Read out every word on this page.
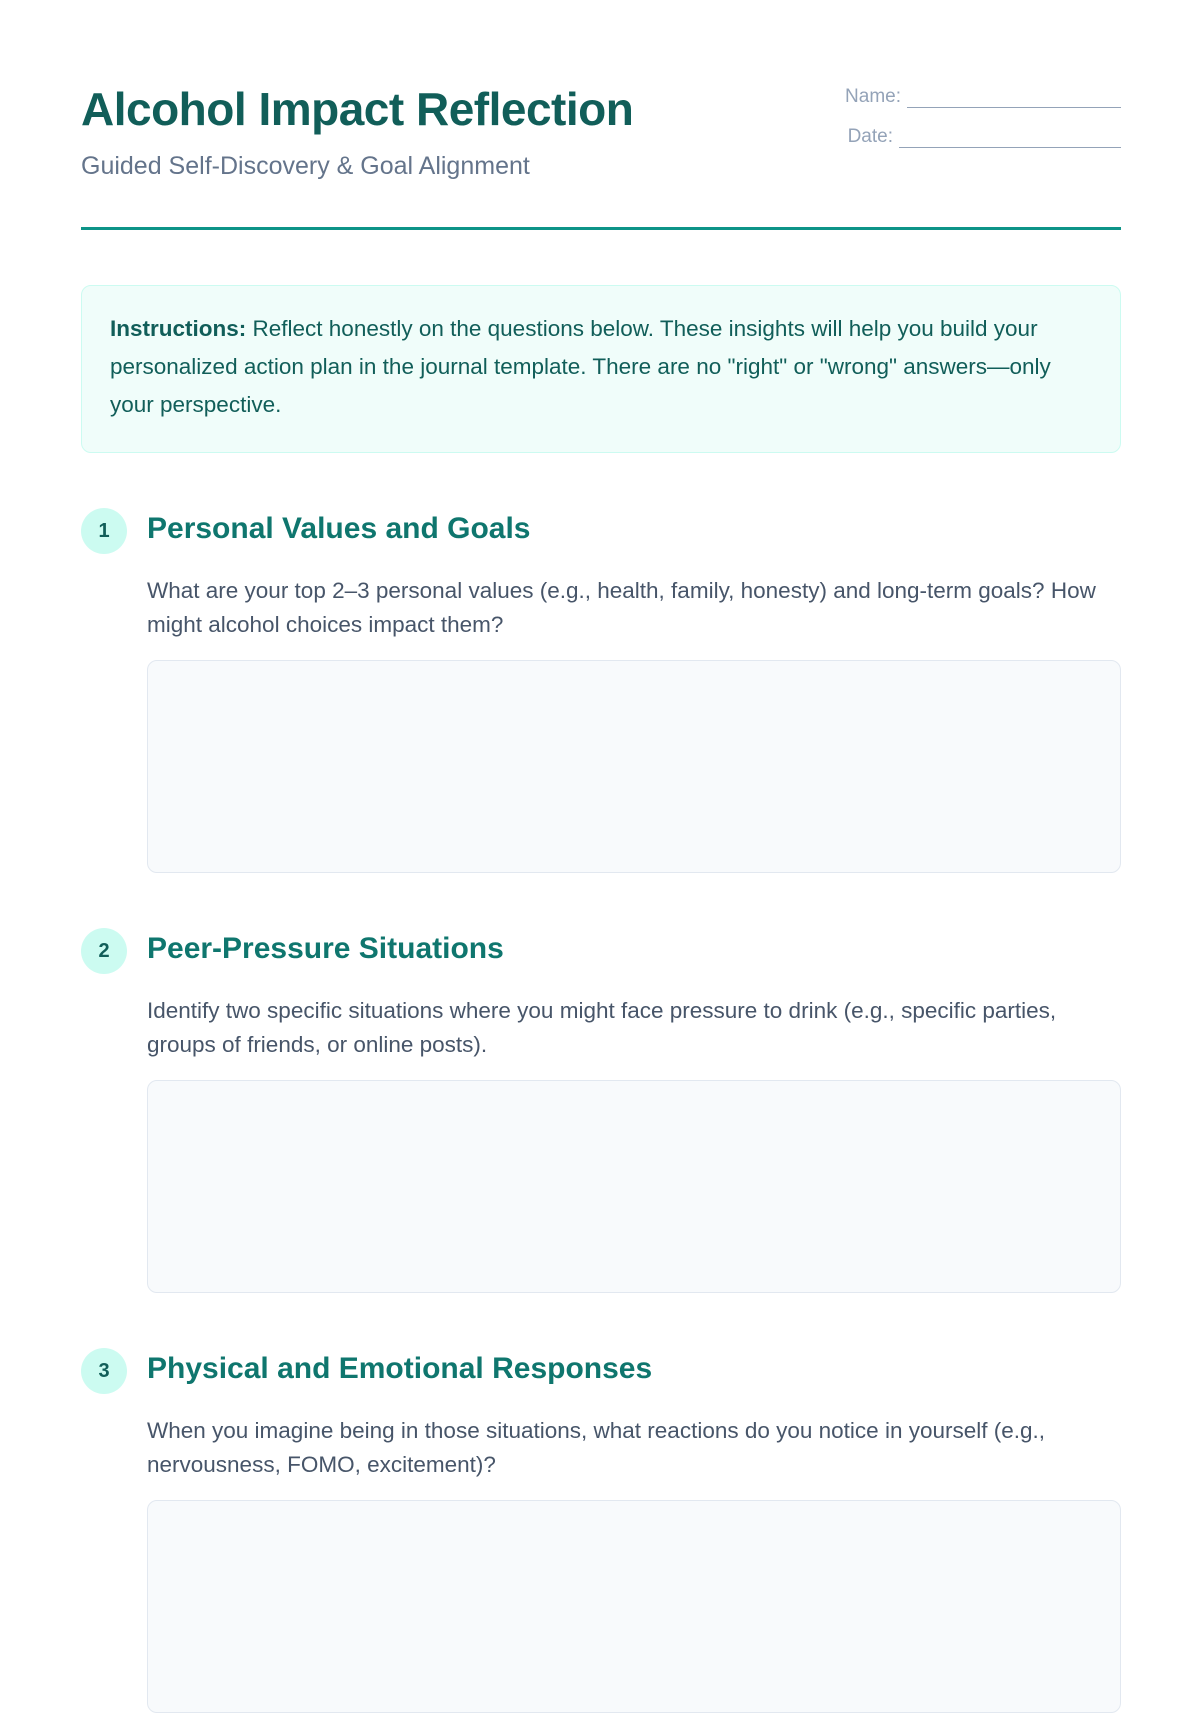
Alcohol Impact Reflection

Guided Self-Discovery & Goal Alignment

Name:
Date:
Instructions: Reflect honestly on the questions below. These insights will help you build your personalized action plan in the journal template. There are no "right" or "wrong" answers—only your perspective.
1	Personal Values and Goals

What are your top 2–3 personal values (e.g., health, family, honesty) and long-term goals? How might alcohol choices impact them?

2	Peer-Pressure Situations

Identify two specific situations where you might face pressure to drink (e.g., specific parties, groups of friends, or online posts).

3	Physical and Emotional Responses

When you imagine being in those situations, what reactions do you notice in yourself (e.g., nervousness, FOMO, excitement)?
